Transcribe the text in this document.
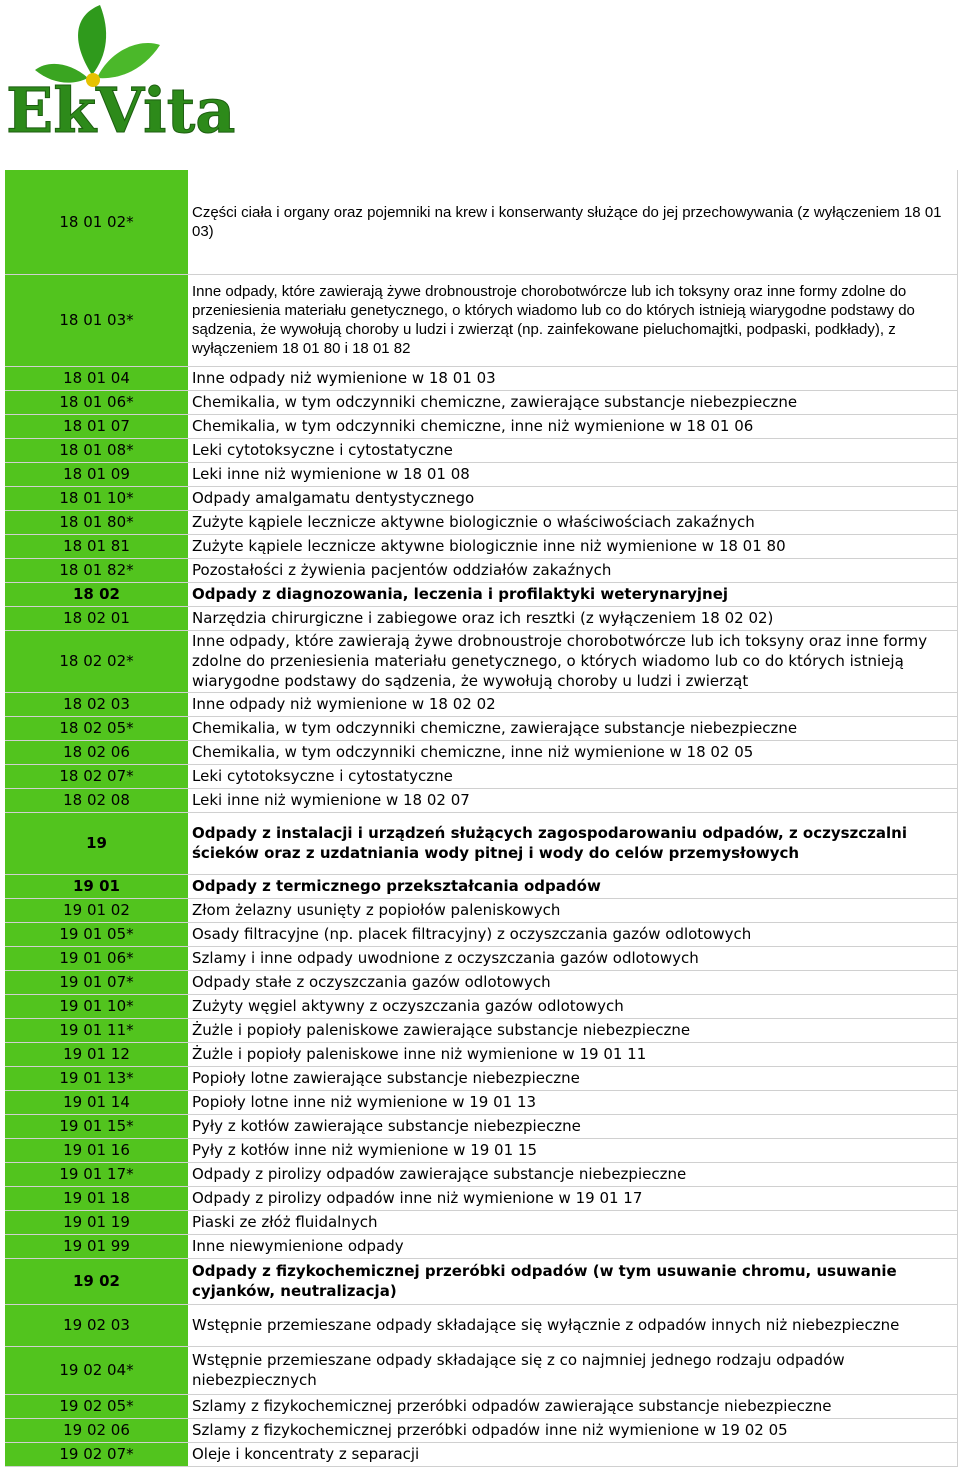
Ek Vita
18 01 02*	Części ciała i organy oraz pojemniki na krew i konserwanty służące do jej przechowywania (z wyłączeniem 18 01 03)
18 01 03*	Inne odpady, które zawierają żywe drobnoustroje chorobotwórcze lub ich toksyny oraz inne formy zdolne do przeniesienia materiału genetycznego, o których wiadomo lub co do których istnieją wiarygodne podstawy do sądzenia, że wywołują choroby u ludzi i zwierząt (np. zainfekowane pieluchomajtki, podpaski, podkłady), z wyłączeniem 18 01 80 i 18 01 82
18 01 04	Inne odpady niż wymienione w 18 01 03
18 01 06*	Chemikalia, w tym odczynniki chemiczne, zawierające substancje niebezpieczne
18 01 07	Chemikalia, w tym odczynniki chemiczne, inne niż wymienione w 18 01 06
18 01 08*	Leki cytotoksyczne i cytostatyczne
18 01 09	Leki inne niż wymienione w 18 01 08
18 01 10*	Odpady amalgamatu dentystycznego
18 01 80*	Zużyte kąpiele lecznicze aktywne biologicznie o właściwościach zakaźnych
18 01 81	Zużyte kąpiele lecznicze aktywne biologicznie inne niż wymienione w 18 01 80
18 01 82*	Pozostałości z żywienia pacjentów oddziałów zakaźnych
18 02	Odpady z diagnozowania, leczenia i profilaktyki weterynaryjnej
18 02 01	Narzędzia chirurgiczne i zabiegowe oraz ich resztki (z wyłączeniem 18 02 02)
18 02 02*	Inne odpady, które zawierają żywe drobnoustroje chorobotwórcze lub ich toksyny oraz inne formy zdolne do przeniesienia materiału genetycznego, o których wiadomo lub co do których istnieją wiarygodne podstawy do sądzenia, że wywołują choroby u ludzi i zwierząt
18 02 03	Inne odpady niż wymienione w 18 02 02
18 02 05*	Chemikalia, w tym odczynniki chemiczne, zawierające substancje niebezpieczne
18 02 06	Chemikalia, w tym odczynniki chemiczne, inne niż wymienione w 18 02 05
18 02 07*	Leki cytotoksyczne i cytostatyczne
18 02 08	Leki inne niż wymienione w 18 02 07
19	Odpady z instalacji i urządzeń służących zagospodarowaniu odpadów, z oczyszczalni ścieków oraz z uzdatniania wody pitnej i wody do celów przemysłowych
19 01	Odpady z termicznego przekształcania odpadów
19 01 02	Złom żelazny usunięty z popiołów paleniskowych
19 01 05*	Osady filtracyjne (np. placek filtracyjny) z oczyszczania gazów odlotowych
19 01 06*	Szlamy i inne odpady uwodnione z oczyszczania gazów odlotowych
19 01 07*	Odpady stałe z oczyszczania gazów odlotowych
19 01 10*	Zużyty węgiel aktywny z oczyszczania gazów odlotowych
19 01 11*	Żużle i popioły paleniskowe zawierające substancje niebezpieczne
19 01 12	Żużle i popioły paleniskowe inne niż wymienione w 19 01 11
19 01 13*	Popioły lotne zawierające substancje niebezpieczne
19 01 14	Popioły lotne inne niż wymienione w 19 01 13
19 01 15*	Pyły z kotłów zawierające substancje niebezpieczne
19 01 16	Pyły z kotłów inne niż wymienione w 19 01 15
19 01 17*	Odpady z pirolizy odpadów zawierające substancje niebezpieczne
19 01 18	Odpady z pirolizy odpadów inne niż wymienione w 19 01 17
19 01 19	Piaski ze złóż fluidalnych
19 01 99	Inne niewymienione odpady
19 02	Odpady z fizykochemicznej przeróbki odpadów (w tym usuwanie chromu, usuwanie cyjanków, neutralizacja)
19 02 03	Wstępnie przemieszane odpady składające się wyłącznie z odpadów innych niż niebezpieczne
19 02 04*	Wstępnie przemieszane odpady składające się z co najmniej jednego rodzaju odpadów niebezpiecznych
19 02 05*	Szlamy z fizykochemicznej przeróbki odpadów zawierające substancje niebezpieczne
19 02 06	Szlamy z fizykochemicznej przeróbki odpadów inne niż wymienione w 19 02 05
19 02 07*	Oleje i koncentraty z separacji
